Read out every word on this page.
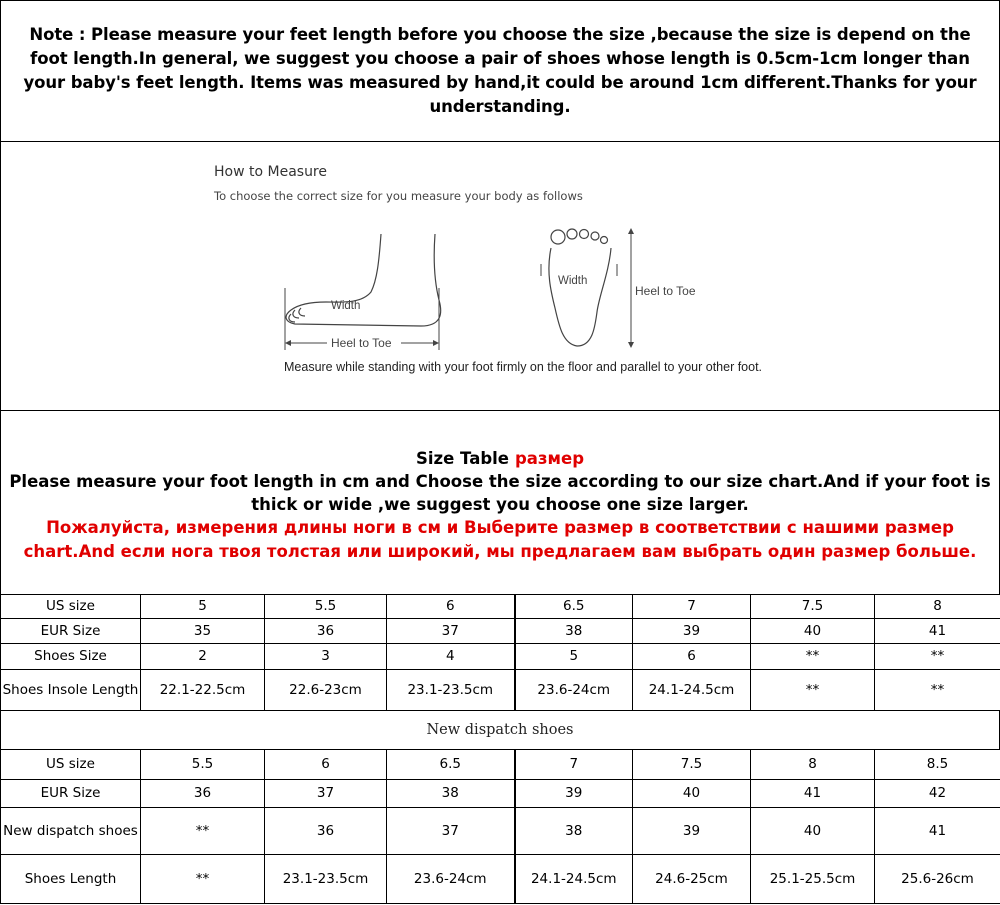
Note : Please measure your feet length before you choose the size ,because the size is depend on the foot length.In general, we suggest you choose a pair of shoes whose length is 0.5cm-1cm longer than your baby's feet length. Items was measured by hand,it could be around 1cm different.Thanks for your understanding.
How to Measure
To choose the correct size for you measure your body as follows
Width
Heel to Toe
Width
Heel to Toe
Measure while standing with your foot firmly on the floor and parallel to your other foot.
Size Table размер
Please measure your foot length in cm and Choose the size according to our size chart.And if your foot is thick or wide ,we suggest you choose one size larger.
Пожалуйста, измерения длины ноги в см и Выберите размер в соответствии с нашими размер chart.And если нога твоя толстая или широкий, мы предлагаем вам выбрать один размер больше.
US size	5	5.5	6	6.5	7	7.5	8
EUR Size	35	36	37	38	39	40	41
Shoes Size	2	3	4	5	6	**	**
Shoes Insole Length	22.1-22.5cm	22.6-23cm	23.1-23.5cm	23.6-24cm	24.1-24.5cm	**	**
New dispatch shoes
US size	5.5	6	6.5	7	7.5	8	8.5
EUR Size	36	37	38	39	40	41	42
New dispatch shoes	**	36	37	38	39	40	41
Shoes Length	**	23.1-23.5cm	23.6-24cm	24.1-24.5cm	24.6-25cm	25.1-25.5cm	25.6-26cm
